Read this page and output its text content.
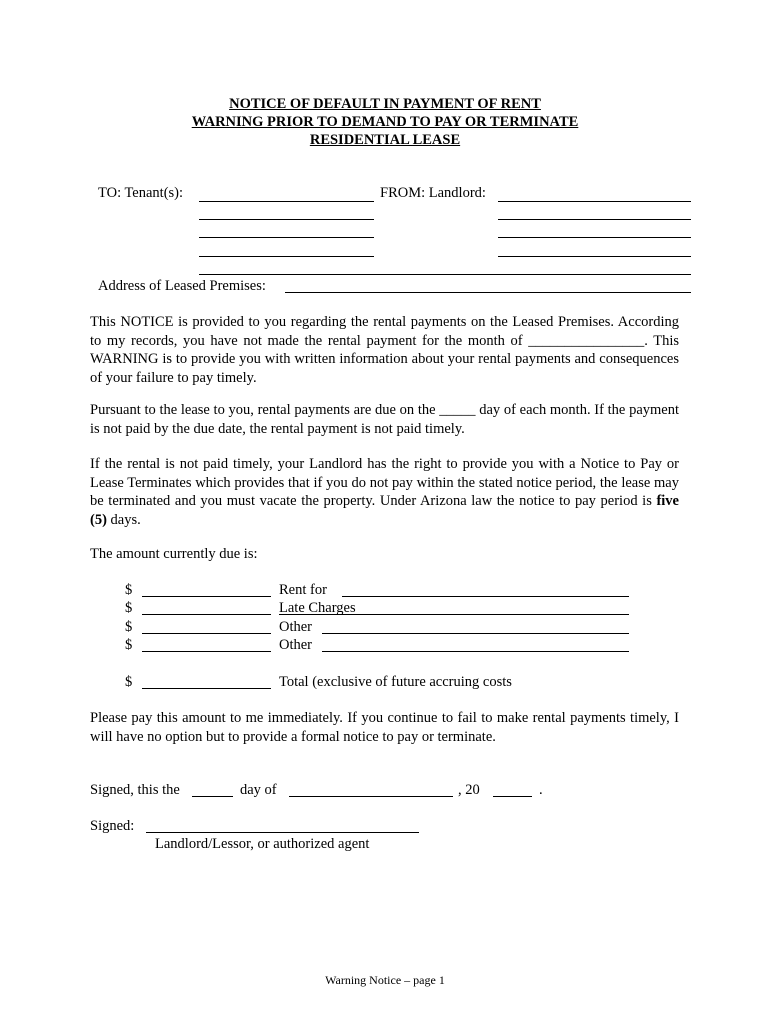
NOTICE OF DEFAULT IN PAYMENT OF RENT
WARNING PRIOR TO DEMAND TO PAY OR TERMINATE
RESIDENTIAL LEASE
TO: Tenant(s):	FROM: Landlord:
Address of Leased Premises:
This NOTICE is provided to you regarding the rental payments on the Leased Premises. According to my records, you have not made the rental payment for the month of ________________. This WARNING is to provide you with written information about your rental payments and consequences of your failure to pay timely.
Pursuant to the lease to you, rental payments are due on the _____ day of each month. If the payment is not paid by the due date, the rental payment is not paid timely.
If the rental is not paid timely, your Landlord has the right to provide you with a Notice to Pay or Lease Terminates which provides that if you do not pay within the stated notice period, the lease may be terminated and you must vacate the property. Under Arizona law the notice to pay period is five (5) days.
The amount currently due is:
$	Rent for
$	Late Charges
$	Other
$	Other
$	Total (exclusive of future accruing costs
Please pay this amount to me immediately. If you continue to fail to make rental payments timely, I will have no option but to provide a formal notice to pay or terminate.
Signed, this the	day of	, 20	.
Signed:
Landlord/Lessor, or authorized agent
Warning Notice – page 1
